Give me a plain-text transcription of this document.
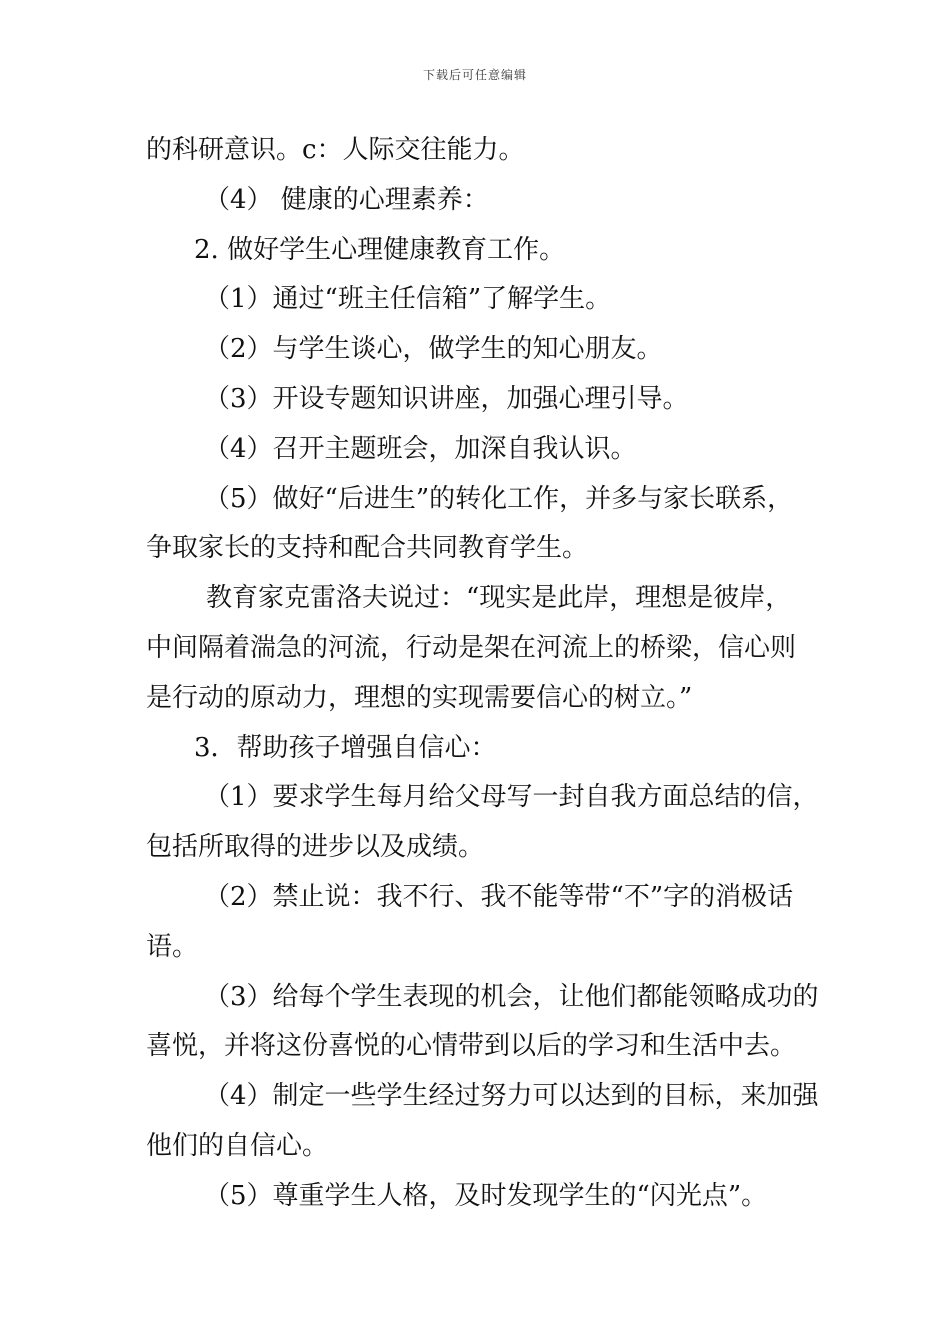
下载后可任意编辑
的科研意识。c：人际交往能力。
（4） 健康的心理素养：
2. 做好学生心理健康教育工作。
（1）通过“班主任信箱”了解学生。
（2）与学生谈心，做学生的知心朋友。
（3）开设专题知识讲座，加强心理引导。
（4）召开主题班会，加深自我认识。
（5）做好“后进生”的转化工作，并多与家长联系，
争取家长的支持和配合共同教育学生。
教育家克雷洛夫说过：“现实是此岸，理想是彼岸，
中间隔着湍急的河流，行动是架在河流上的桥梁，信心则
是行动的原动力，理想的实现需要信心的树立。”
3．帮助孩子增强自信心：
（1）要求学生每月给父母写一封自我方面总结的信，
包括所取得的进步以及成绩。
（2）禁止说：我不行、我不能等带“不”字的消极话
语。
（3）给每个学生表现的机会，让他们都能领略成功的
喜悦，并将这份喜悦的心情带到以后的学习和生活中去。
（4）制定一些学生经过努力可以达到的目标，来加强
他们的自信心。
（5）尊重学生人格，及时发现学生的“闪光点”。
